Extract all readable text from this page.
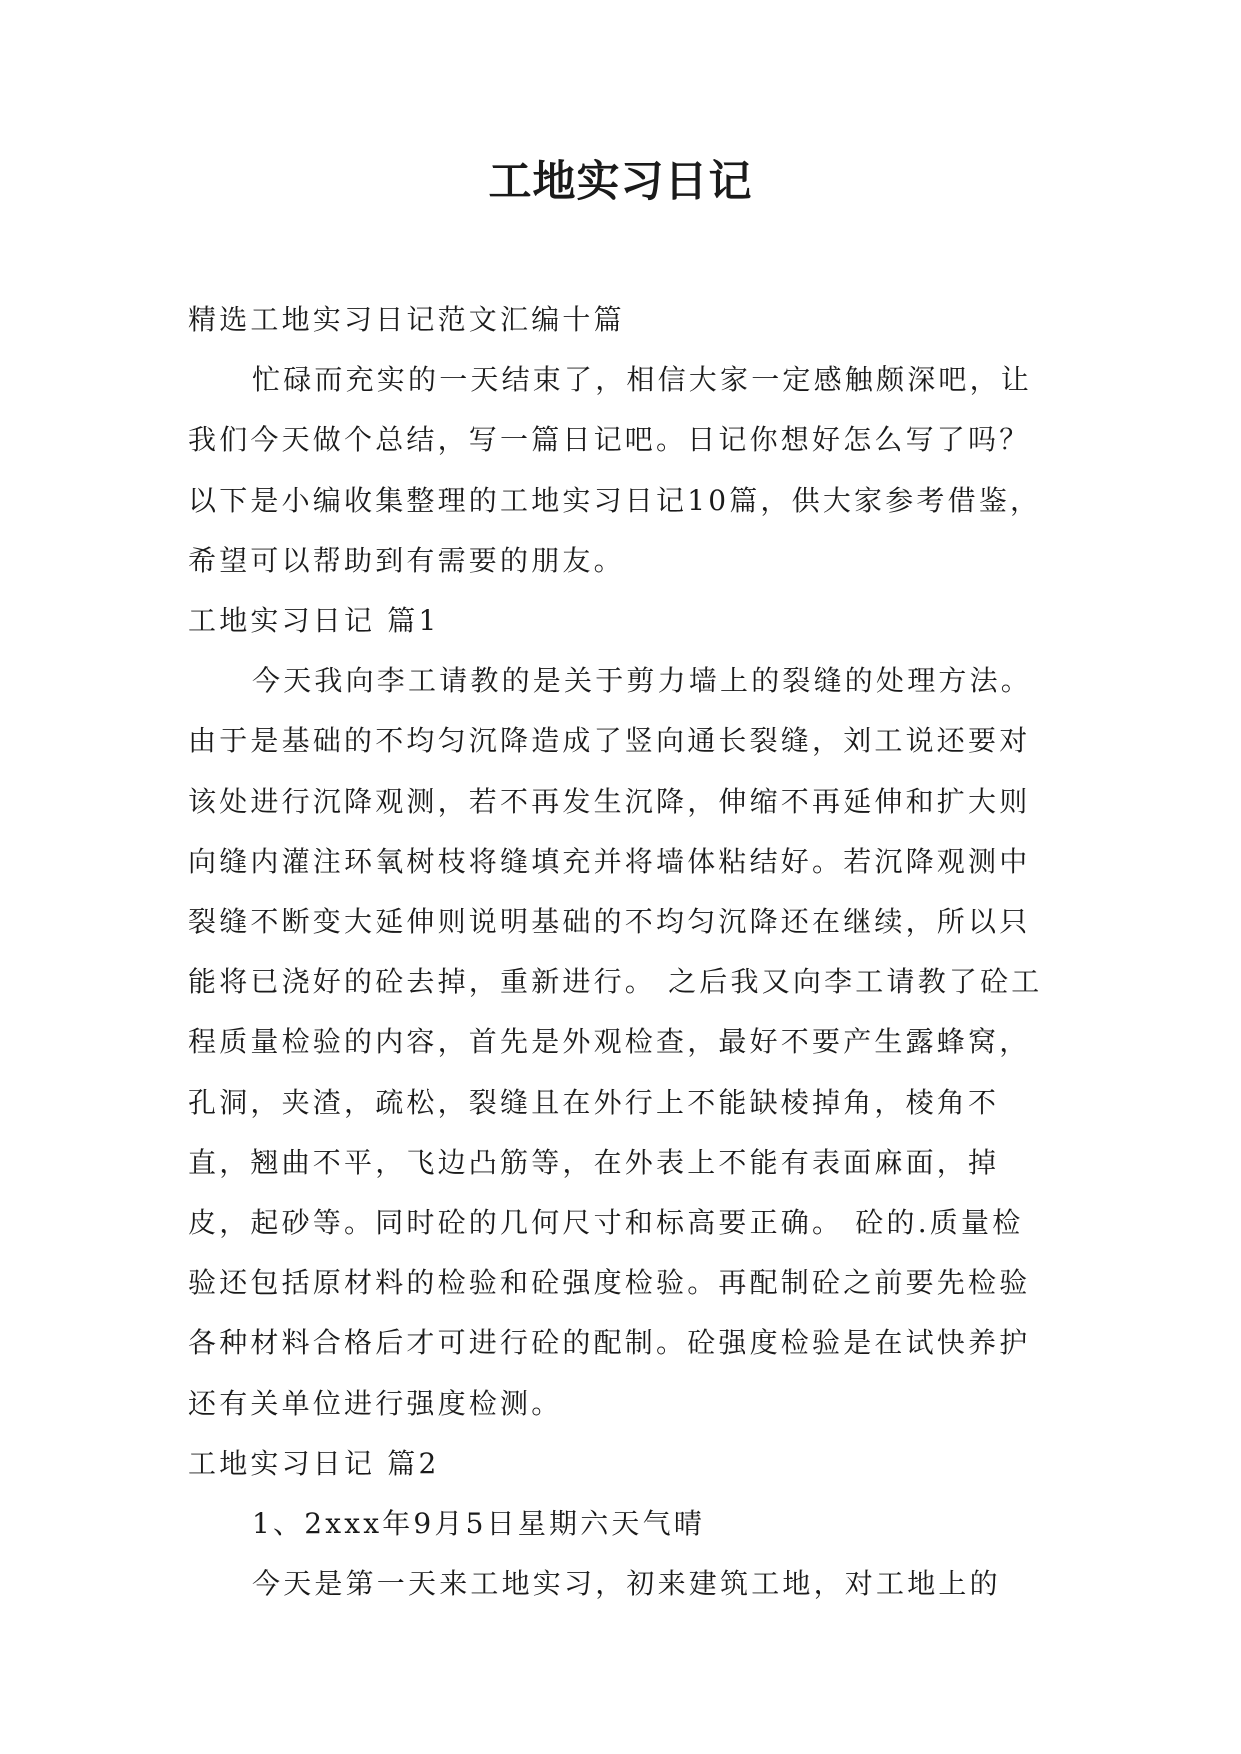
工地实习日记

精选工地实习日记范文汇编十篇

忙碌而充实的一天结束了，相信大家一定感触颇深吧，让我们今天做个总结，写一篇日记吧。日记你想好怎么写了吗？以下是小编收集整理的工地实习日记10篇，供大家参考借鉴，希望可以帮助到有需要的朋友。

工地实习日记 篇1

今天我向李工请教的是关于剪力墙上的裂缝的处理方法。由于是基础的不均匀沉降造成了竖向通长裂缝，刘工说还要对该处进行沉降观测，若不再发生沉降，伸缩不再延伸和扩大则向缝内灌注环氧树枝将缝填充并将墙体粘结好。若沉降观测中裂缝不断变大延伸则说明基础的不均匀沉降还在继续，所以只能将已浇好的砼去掉，重新进行。 之后我又向李工请教了砼工程质量检验的内容，首先是外观检查，最好不要产生露蜂窝，孔洞，夹渣，疏松，裂缝且在外行上不能缺棱掉角，棱角不直，翘曲不平，飞边凸筋等，在外表上不能有表面麻面，掉皮，起砂等。同时砼的几何尺寸和标高要正确。 砼的.质量检验还包括原材料的检验和砼强度检验。再配制砼之前要先检验各种材料合格后才可进行砼的配制。砼强度检验是在试快养护还有关单位进行强度检测。

工地实习日记 篇2

1、2xxx年9月5日星期六天气晴

今天是第一天来工地实习，初来建筑工地，对工地上的
